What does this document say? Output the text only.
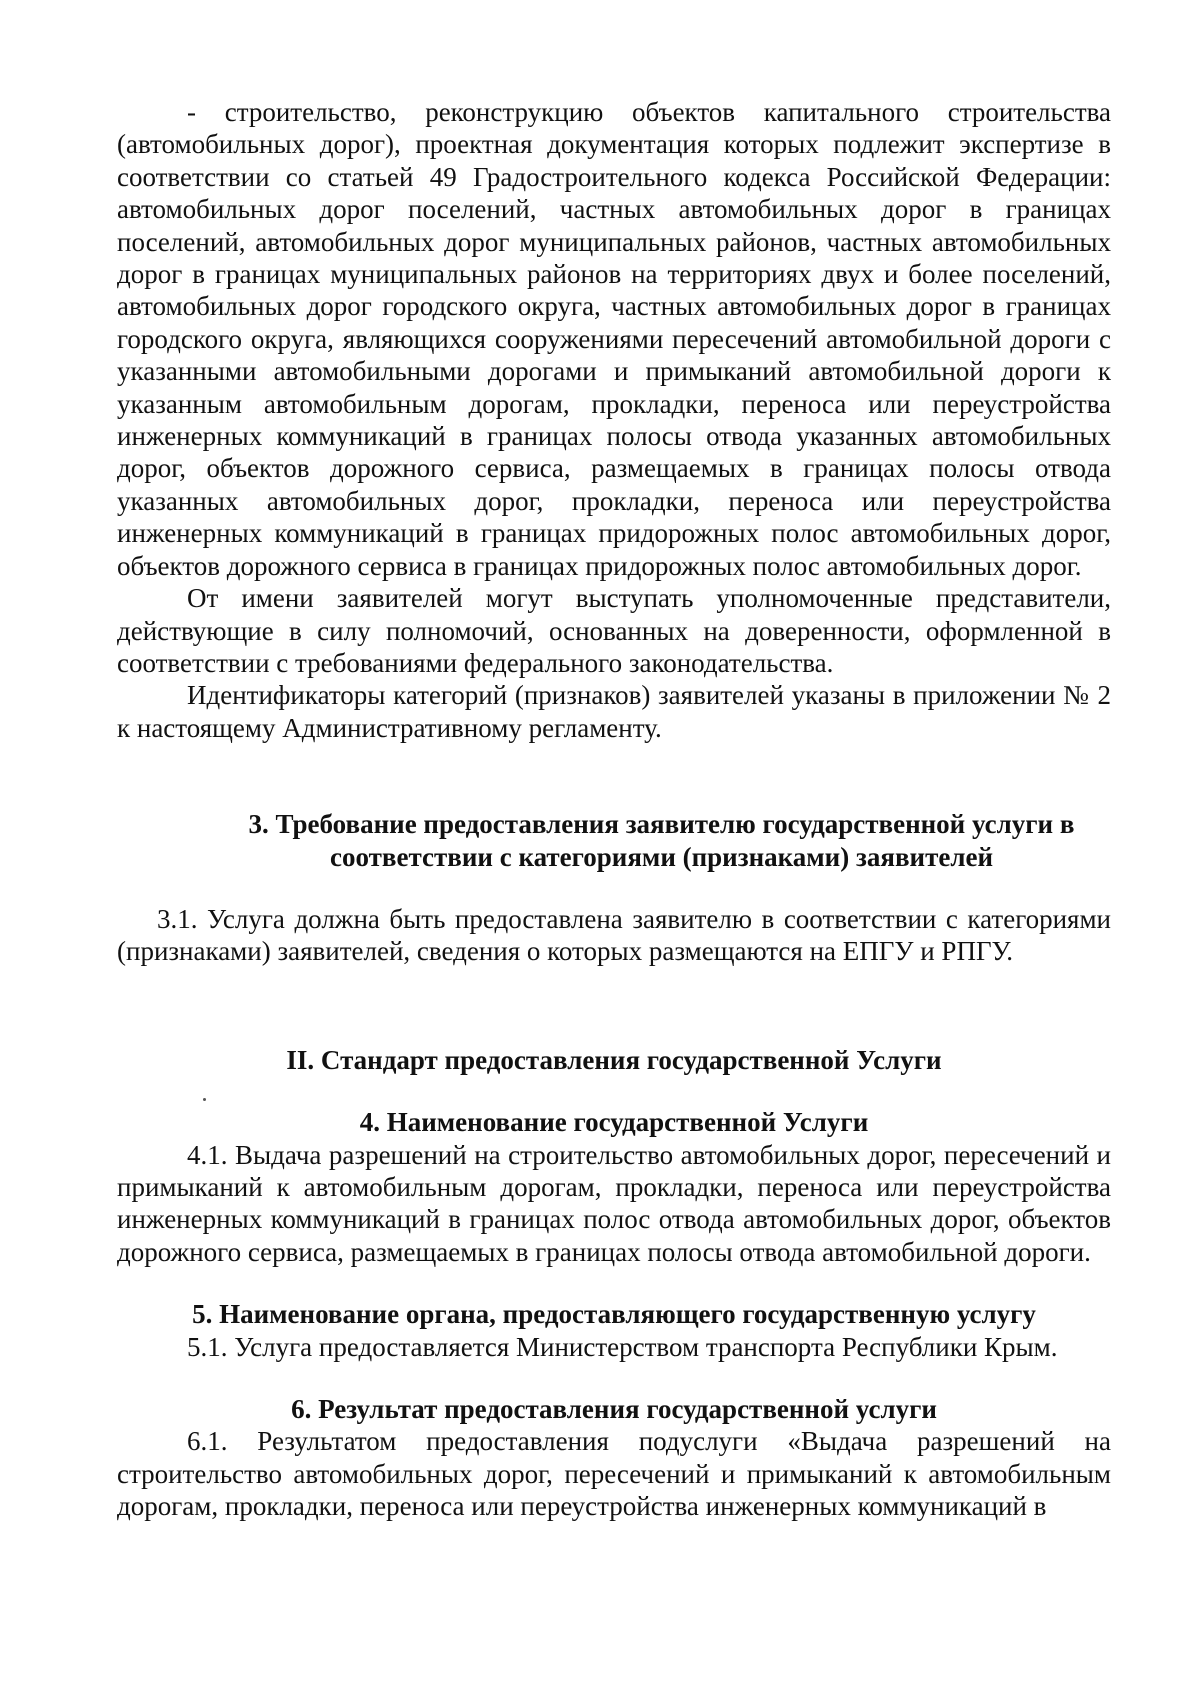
- строительство, реконструкцию объектов капитального строительства (автомобильных дорог), проектная документация которых подлежит экспертизе в соответствии со статьей 49 Градостроительного кодекса Российской Федерации: автомобильных дорог поселений, частных автомобильных дорог в границах поселений, автомобильных дорог муниципальных районов, частных автомобильных дорог в границах муниципальных районов на территориях двух и более поселений, автомобильных дорог городского округа, частных автомобильных дорог в границах городского округа, являющихся сооружениями пересечений автомобильной дороги с указанными автомобильными дорогами и примыканий автомобильной дороги к указанным автомобильным дорогам, прокладки, переноса или переустройства инженерных коммуникаций в границах полосы отвода указанных автомобильных дорог, объектов дорожного сервиса, размещаемых в границах полосы отвода указанных автомобильных дорог, прокладки, переноса или переустройства инженерных коммуникаций в границах придорожных полос автомобильных дорог, объектов дорожного сервиса в границах придорожных полос автомобильных дорог.

От имени заявителей могут выступать уполномоченные представители, действующие в силу полномочий, основанных на доверенности, оформленной в соответствии с требованиями федерального законодательства.

Идентификаторы категорий (признаков) заявителей указаны в приложении № 2 к настоящему Административному регламенту.

3. Требование предоставления заявителю государственной услуги в
соответствии с категориями (признаками) заявителей

3.1. Услуга должна быть предоставлена заявителю в соответствии с категориями (признаками) заявителей, сведения о которых размещаются на ЕПГУ и РПГУ.

II. Стандарт предоставления государственной Услуги
4. Наименование государственной Услуги

4.1. Выдача разрешений на строительство автомобильных дорог, пересечений и примыканий к автомобильным дорогам, прокладки, переноса или переустройства инженерных коммуникаций в границах полос отвода автомобильных дорог, объектов дорожного сервиса, размещаемых в границах полосы отвода автомобильной дороги.

5. Наименование органа, предоставляющего государственную услугу

5.1. Услуга предоставляется Министерством транспорта Республики Крым.

6. Результат предоставления государственной услуги

6.1. Результатом предоставления подуслуги «Выдача разрешений на строительство автомобильных дорог, пересечений и примыканий к автомобильным дорогам, прокладки, переноса или переустройства инженерных коммуникаций в
